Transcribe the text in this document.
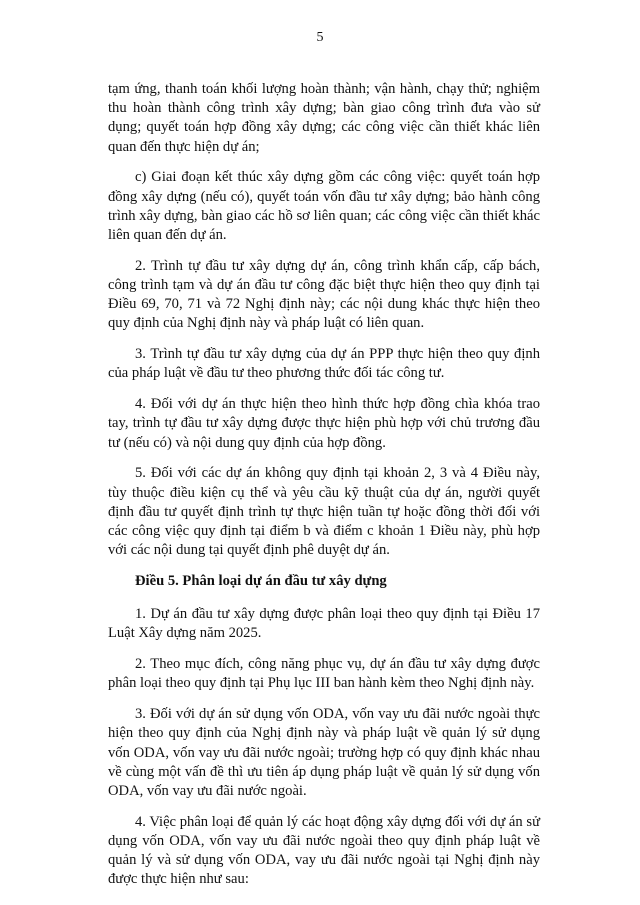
5

tạm ứng, thanh toán khối lượng hoàn thành; vận hành, chạy thử; nghiệm thu hoàn thành công trình xây dựng; bàn giao công trình đưa vào sử dụng; quyết toán hợp đồng xây dựng; các công việc cần thiết khác liên quan đến thực hiện dự án;

c) Giai đoạn kết thúc xây dựng gồm các công việc: quyết toán hợp đồng xây dựng (nếu có), quyết toán vốn đầu tư xây dựng; bảo hành công trình xây dựng, bàn giao các hồ sơ liên quan; các công việc cần thiết khác liên quan đến dự án.

2. Trình tự đầu tư xây dựng dự án, công trình khẩn cấp, cấp bách, công trình tạm và dự án đầu tư công đặc biệt thực hiện theo quy định tại Điều 69, 70, 71 và 72 Nghị định này; các nội dung khác thực hiện theo quy định của Nghị định này và pháp luật có liên quan.

3. Trình tự đầu tư xây dựng của dự án PPP thực hiện theo quy định của pháp luật về đầu tư theo phương thức đối tác công tư.

4. Đối với dự án thực hiện theo hình thức hợp đồng chìa khóa trao tay, trình tự đầu tư xây dựng được thực hiện phù hợp với chủ trương đầu tư (nếu có) và nội dung quy định của hợp đồng.

5. Đối với các dự án không quy định tại khoản 2, 3 và 4 Điều này, tùy thuộc điều kiện cụ thể và yêu cầu kỹ thuật của dự án, người quyết định đầu tư quyết định trình tự thực hiện tuần tự hoặc đồng thời đối với các công việc quy định tại điểm b và điểm c khoản 1 Điều này, phù hợp với các nội dung tại quyết định phê duyệt dự án.

Điều 5. Phân loại dự án đầu tư xây dựng

1. Dự án đầu tư xây dựng được phân loại theo quy định tại Điều 17 Luật Xây dựng năm 2025.

2. Theo mục đích, công năng phục vụ, dự án đầu tư xây dựng được phân loại theo quy định tại Phụ lục III ban hành kèm theo Nghị định này.

3. Đối với dự án sử dụng vốn ODA, vốn vay ưu đãi nước ngoài thực hiện theo quy định của Nghị định này và pháp luật về quản lý sử dụng vốn ODA, vốn vay ưu đãi nước ngoài; trường hợp có quy định khác nhau về cùng một vấn đề thì ưu tiên áp dụng pháp luật về quản lý sử dụng vốn ODA, vốn vay ưu đãi nước ngoài.

4. Việc phân loại để quản lý các hoạt động xây dựng đối với dự án sử dụng vốn ODA, vốn vay ưu đãi nước ngoài theo quy định pháp luật về quản lý và sử dụng vốn ODA, vay ưu đãi nước ngoài tại Nghị định này được thực hiện như sau:
